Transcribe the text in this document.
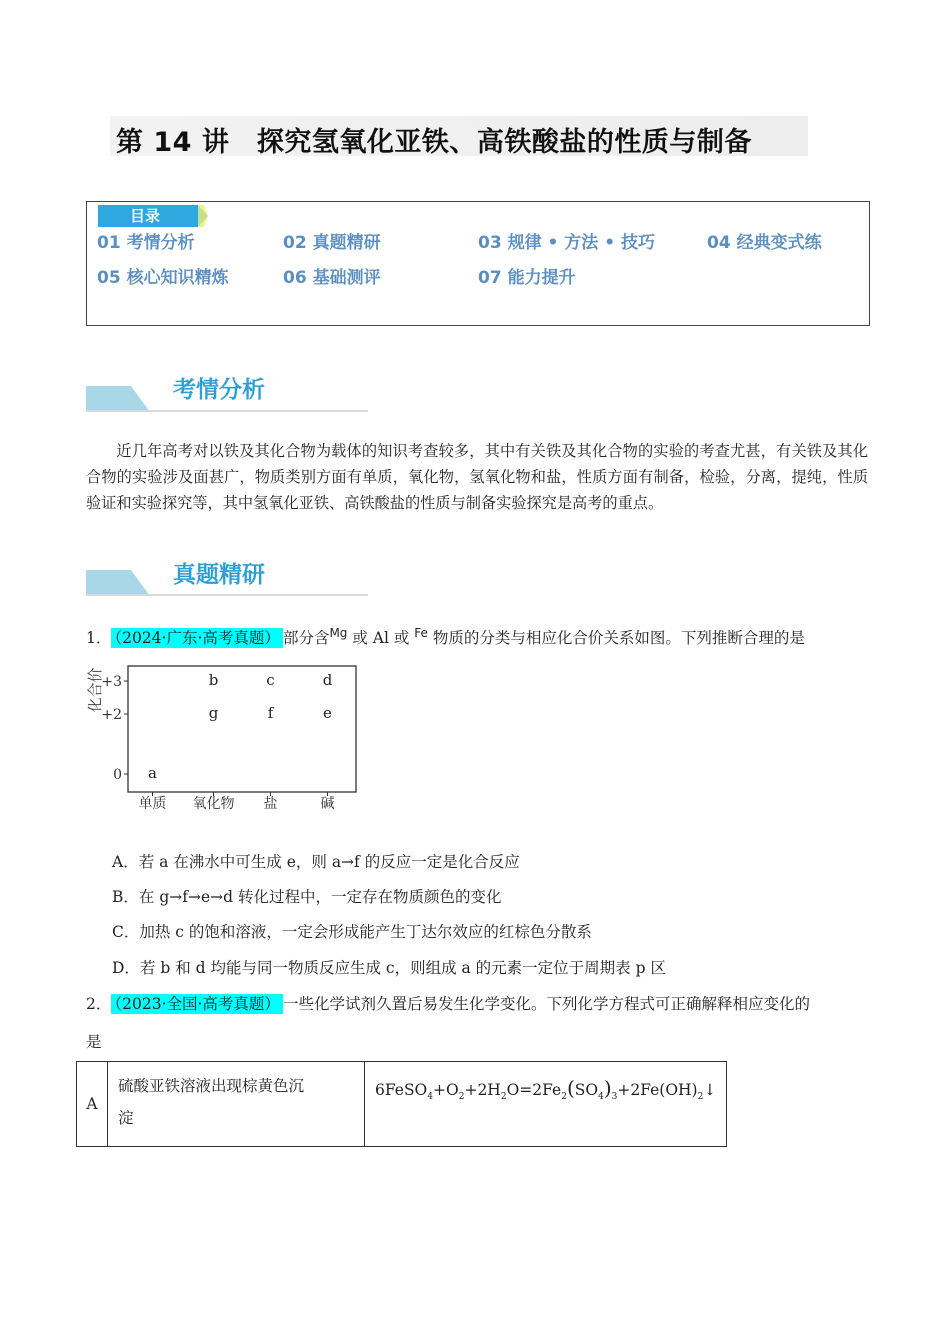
第 14 讲　探究氢氧化亚铁、高铁酸盐的性质与制备
目录
01 考情分析	02 真题精研	03 规律 • 方法 • 技巧	04 经典变式练
05 核心知识精炼	06 基础测评	07 能力提升
考情分析
近几年高考对以铁及其化合物为载体的知识考查较多，其中有关铁及其化合物的实验的考查尤甚，有关铁及其化合物的实验涉及面甚广，物质类别方面有单质，氧化物，氢氧化物和盐，性质方面有制备，检验，分离，提纯，性质验证和实验探究等，其中氢氧化亚铁、高铁酸盐的性质与制备实验探究是高考的重点。
真题精研
1． （2024·广东·高考真题） 部分含$^{Mg}$ 或 Al 或 $^{Fe}$ 物质的分类与相应化合价关系如图。下列推断合理的是
+3
+2
0
化合价
单质 氧化物 盐	碱
a
b	c	d
g	f	e
A．若 a 在沸水中可生成 e，则 a→f 的反应一定是化合反应
B．在 g→f→e→d 转化过程中，一定存在物质颜色的变化
C．加热 c 的饱和溶液，一定会形成能产生丁达尔效应的红棕色分散系
D．若 b 和 d 均能与同一物质反应生成 c，则组成 a 的元素一定位于周期表 p 区
2． （2023·全国·高考真题） 一些化学试剂久置后易发生化学变化。下列化学方程式可正确解释相应变化的
是
A	
硫酸亚铁溶液出现棕黄色沉
淀

$6FeSO_4+O_2+2H_2O=2Fe_2(SO_4)_3+2Fe(OH)_2↓$
